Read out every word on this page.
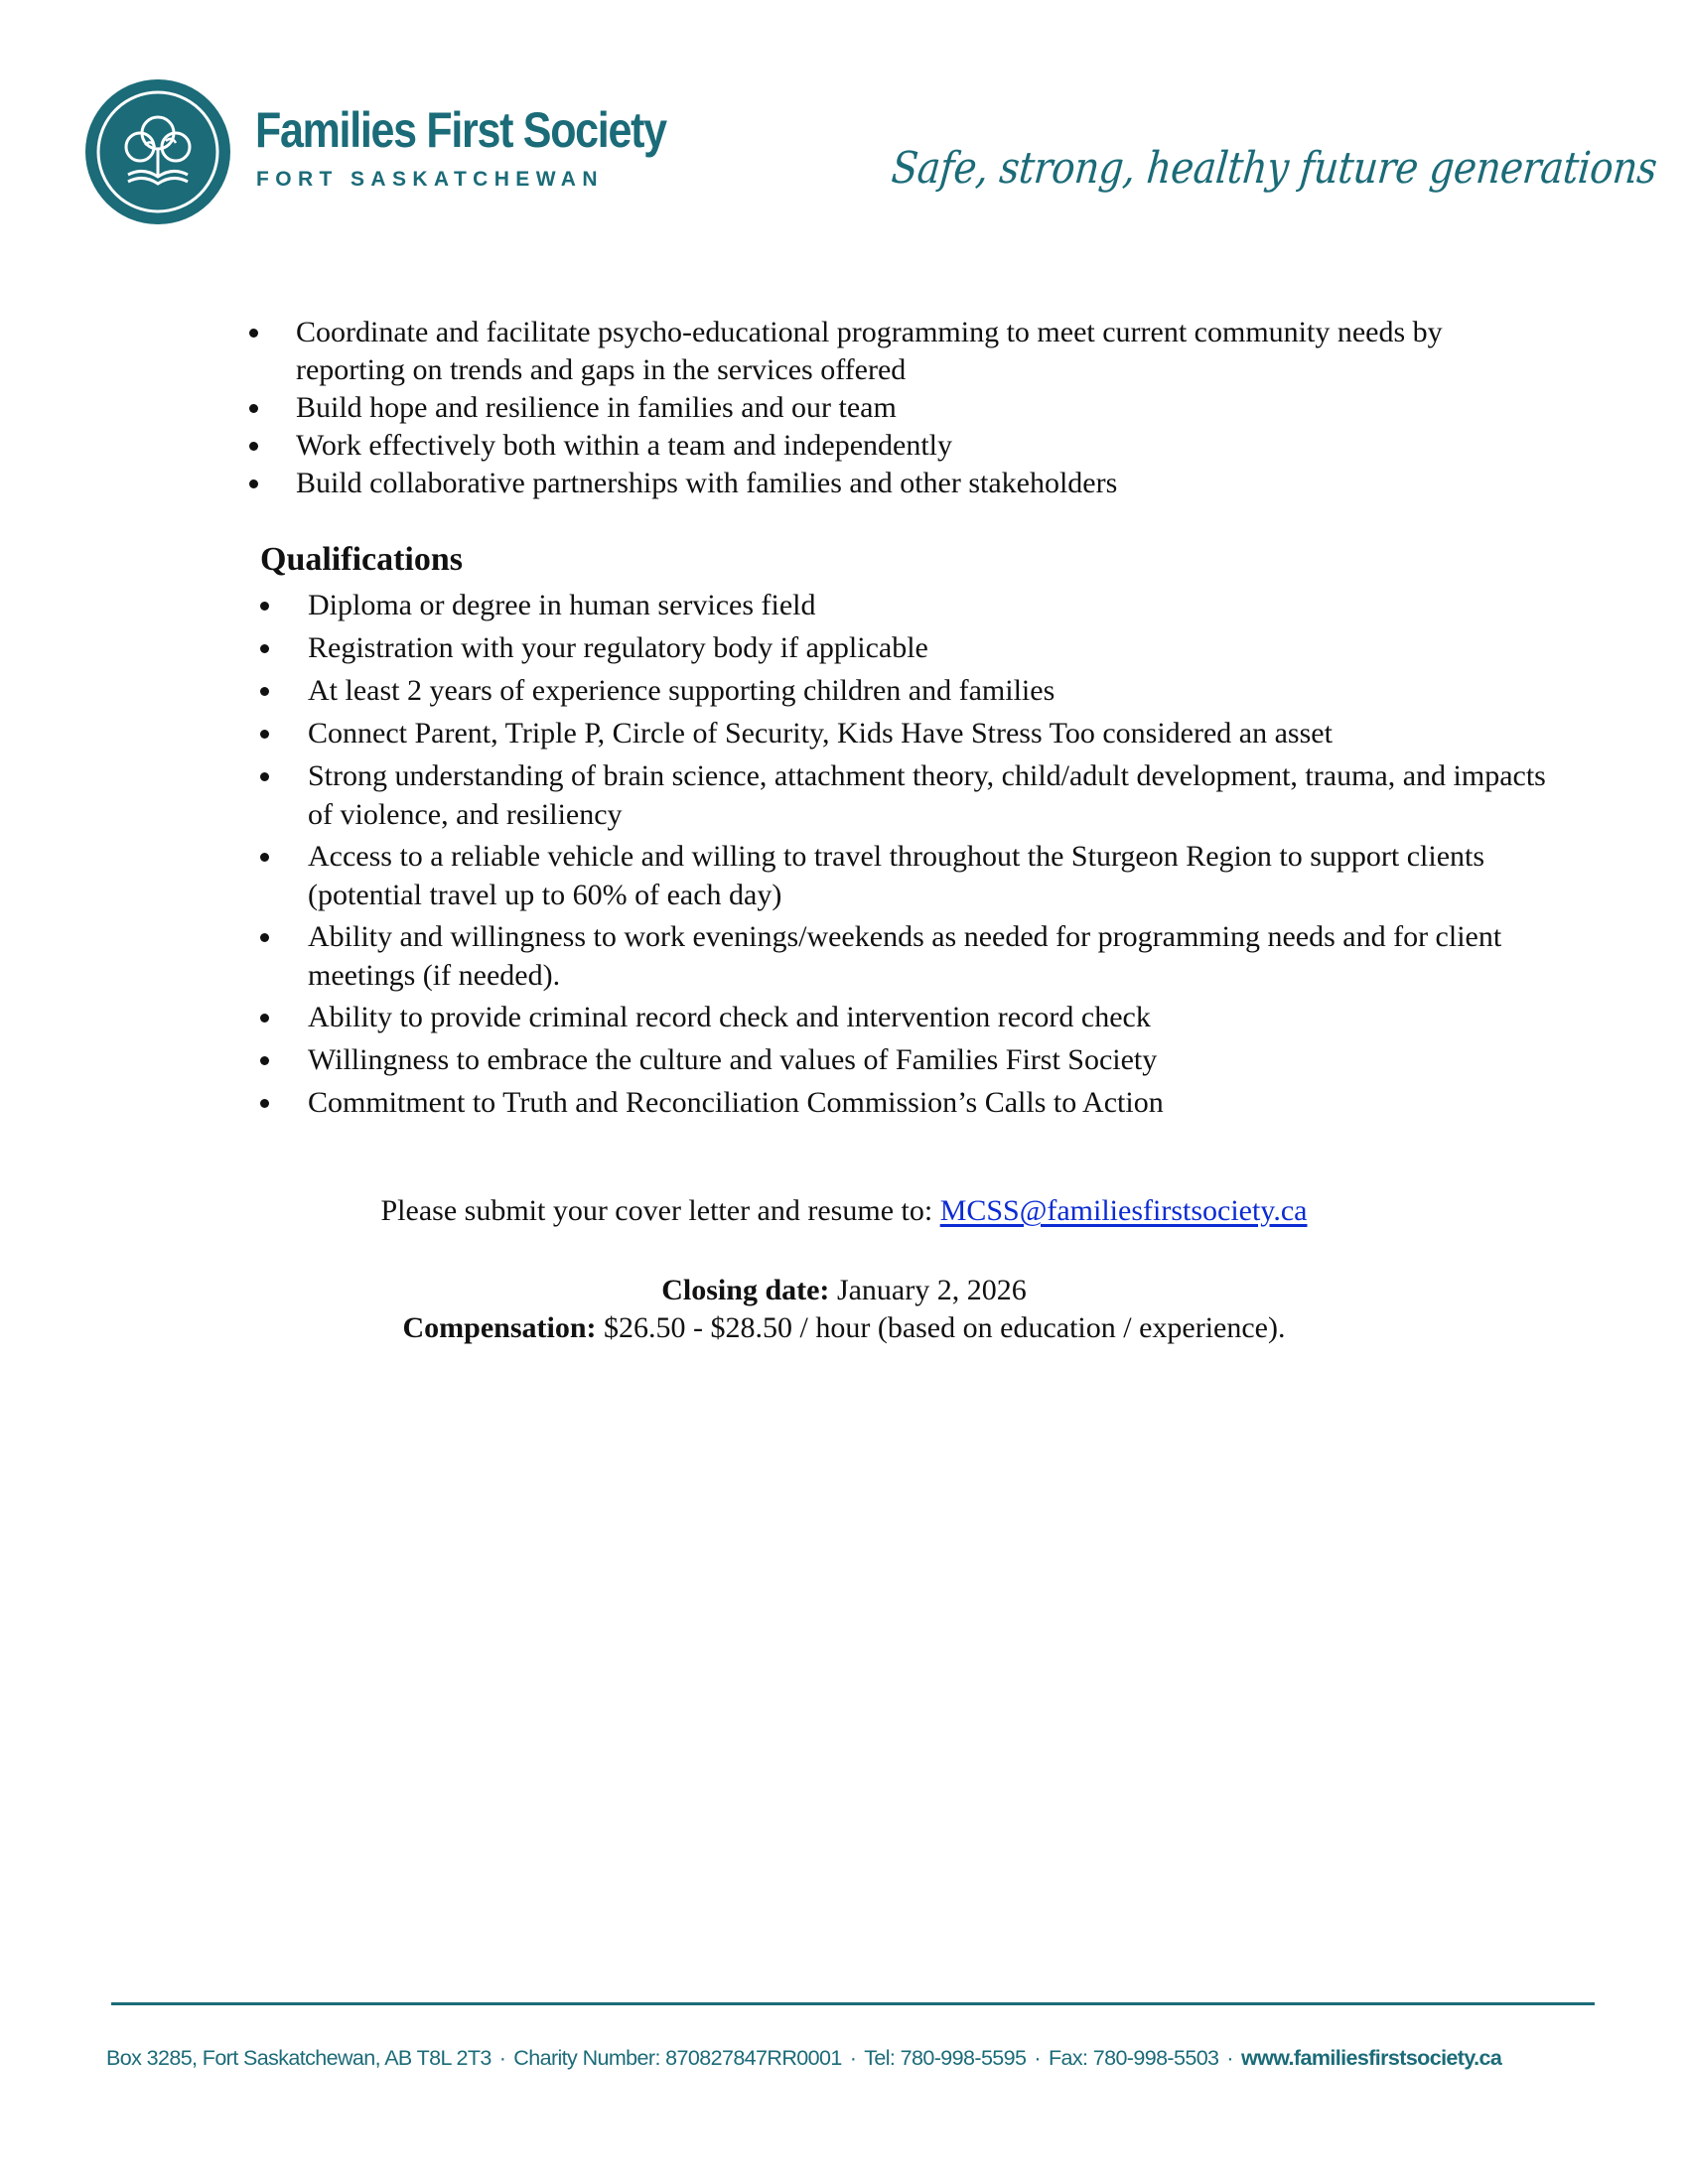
Families First Society
FORT SASKATCHEWAN	Safe, strong, healthy future generations
Coordinate and facilitate psycho-educational programming to meet current community needs by reporting on trends and gaps in the services offered
Build hope and resilience in families and our team
Work effectively both within a team and independently
Build collaborative partnerships with families and other stakeholders
Qualifications
Diploma or degree in human services field
Registration with your regulatory body if applicable
At least 2 years of experience supporting children and families
Connect Parent, Triple P, Circle of Security, Kids Have Stress Too considered an asset
Strong understanding of brain science, attachment theory, child/adult development, trauma, and impacts of violence, and resiliency
Access to a reliable vehicle and willing to travel throughout the Sturgeon Region to support clients (potential travel up to 60% of each day)
Ability and willingness to work evenings/weekends as needed for programming needs and for client meetings (if needed).
Ability to provide criminal record check and intervention record check
Willingness to embrace the culture and values of Families First Society
Commitment to Truth and Reconciliation Commission’s Calls to Action
Please submit your cover letter and resume to: MCSS@familiesfirstsociety.ca
Closing date: January 2, 2026
Compensation: $26.50 - $28.50 / hour (based on education / experience).
Box 3285, Fort Saskatchewan, AB T8L 2T3 · Charity Number: 870827847RR0001 · Tel: 780-998-5595 · Fax: 780-998-5503 · www.familiesfirstsociety.ca
